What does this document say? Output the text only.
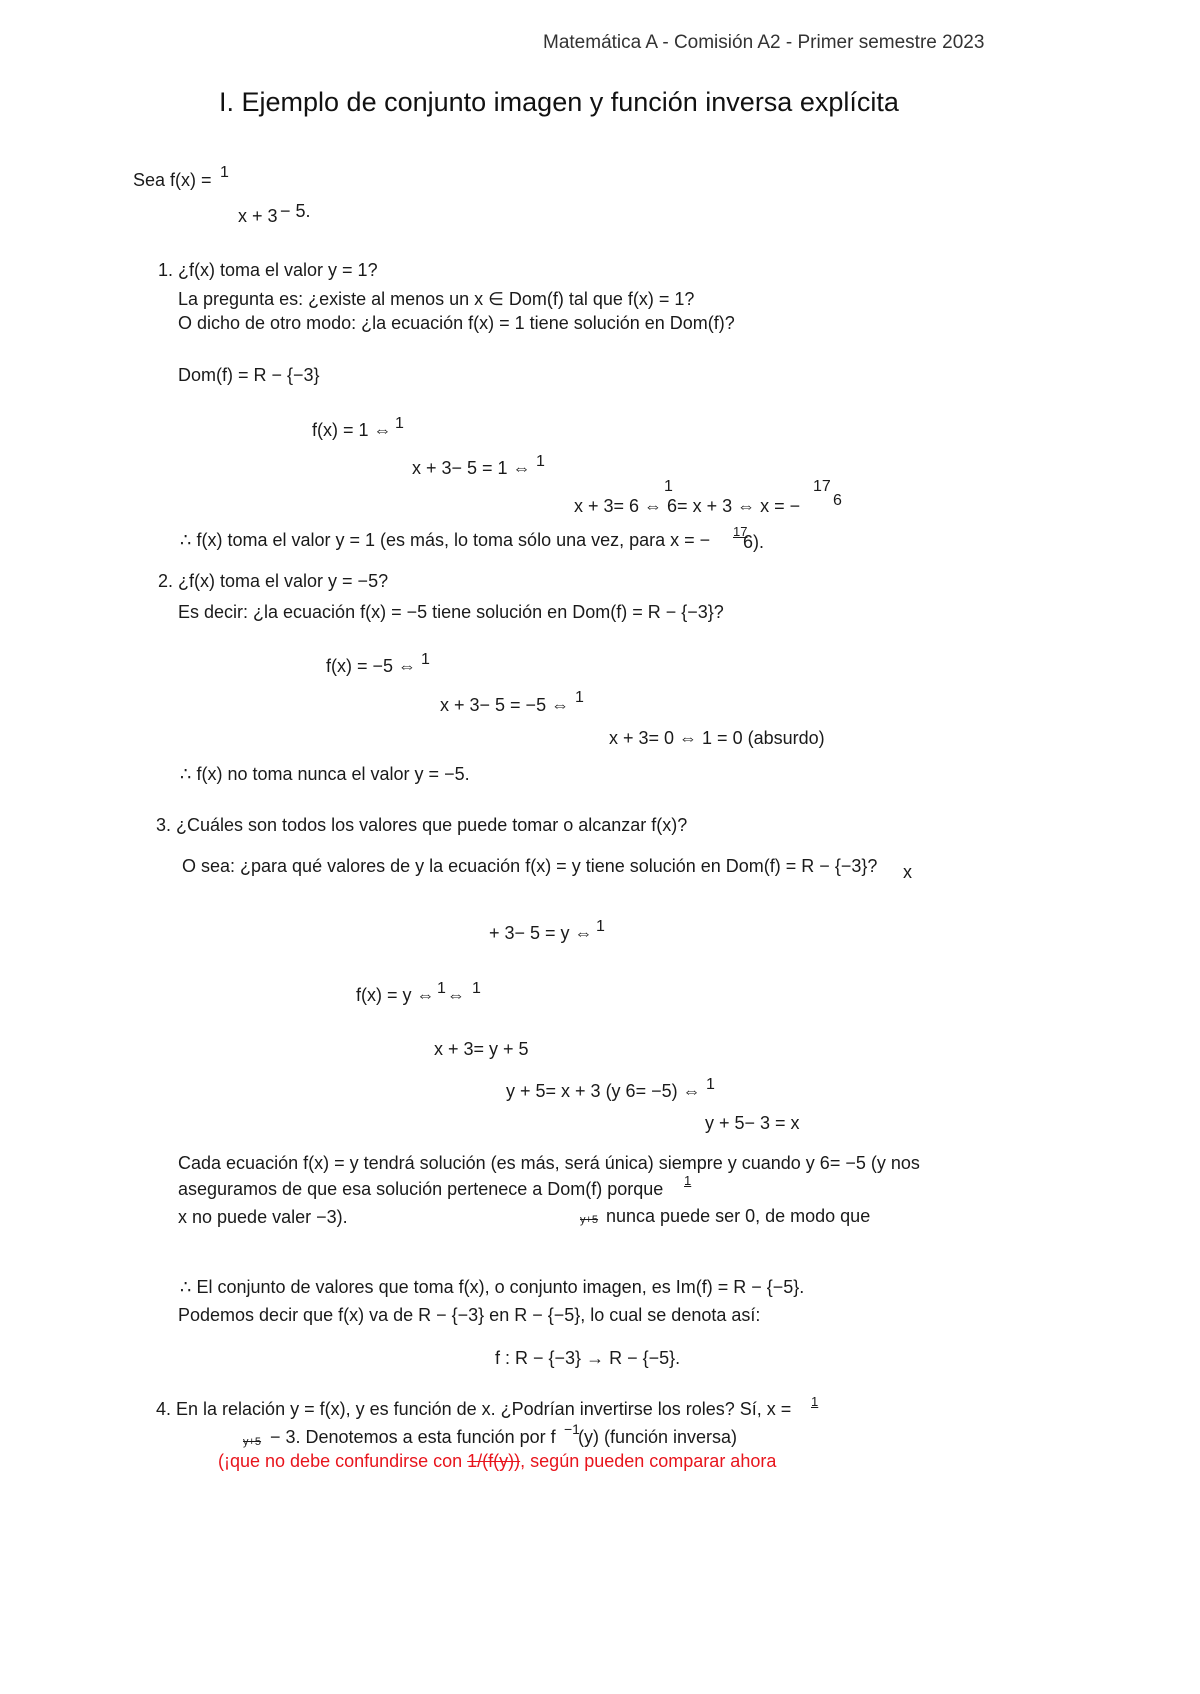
Matemática A - Comisión A2 - Primer semestre 2023
I. Ejemplo de conjunto imagen y función inversa explícita
Sea f(x) = 1
x + 3 − 5.
1. ¿f(x) toma el valor y = 1?
La pregunta es: ¿existe al menos un x ∈ Dom(f) tal que f(x) = 1?
O dicho de otro modo: ¿la ecuación f(x) = 1 tiene solución en Dom(f)?
Dom(f) = R − {−3}
f(x) = 1 ⇔ 1
x + 3− 5 = 1 ⇔ 1
1
x + 3= 6 ⇔ 6= x + 3 ⇔ x = −
17
6
∴ f(x) toma el valor y = 1 (es más, lo toma sólo una vez, para x = − 17
6).
2. ¿f(x) toma el valor y = −5?
Es decir: ¿la ecuación f(x) = −5 tiene solución en Dom(f) = R − {−3}?
f(x) = −5 ⇔ 1
x + 3− 5 = −5 ⇔ 1
x + 3= 0 ⇔ 1 = 0 (absurdo)
∴ f(x) no toma nunca el valor y = −5.
3. ¿Cuáles son todos los valores que puede tomar o alcanzar f(x)?
O sea: ¿para qué valores de y la ecuación f(x) = y tiene solución en Dom(f) = R − {−3}? x
+ 3− 5 = y ⇔ 1
f(x) = y ⇔ 1 ⇔ 1
x + 3= y + 5
y + 5= x + 3 (y 6= −5) ⇔ 1
y + 5− 3 = x
Cada ecuación f(x) = y tendrá solución (es más, será única) siempre y cuando y 6= −5 (y nos
aseguramos de que esa solución pertenece a Dom(f) porque 1
x no puede valer −3).	y+5 nunca puede ser 0, de modo que
∴ El conjunto de valores que toma f(x), o conjunto imagen, es Im(f) = R − {−5}.
Podemos decir que f(x) va de R − {−3} en R − {−5}, lo cual se denota así:
f : R − {−3} → R − {−5}.
4. En la relación y = f(x), y es función de x. ¿Podrían invertirse los roles? Sí, x = 1
y+5 − 3. Denotemos a esta función por f −1
(y) (función inversa)
(¡que no debe confundirse con 1/(f(y)), según pueden comparar ahora
